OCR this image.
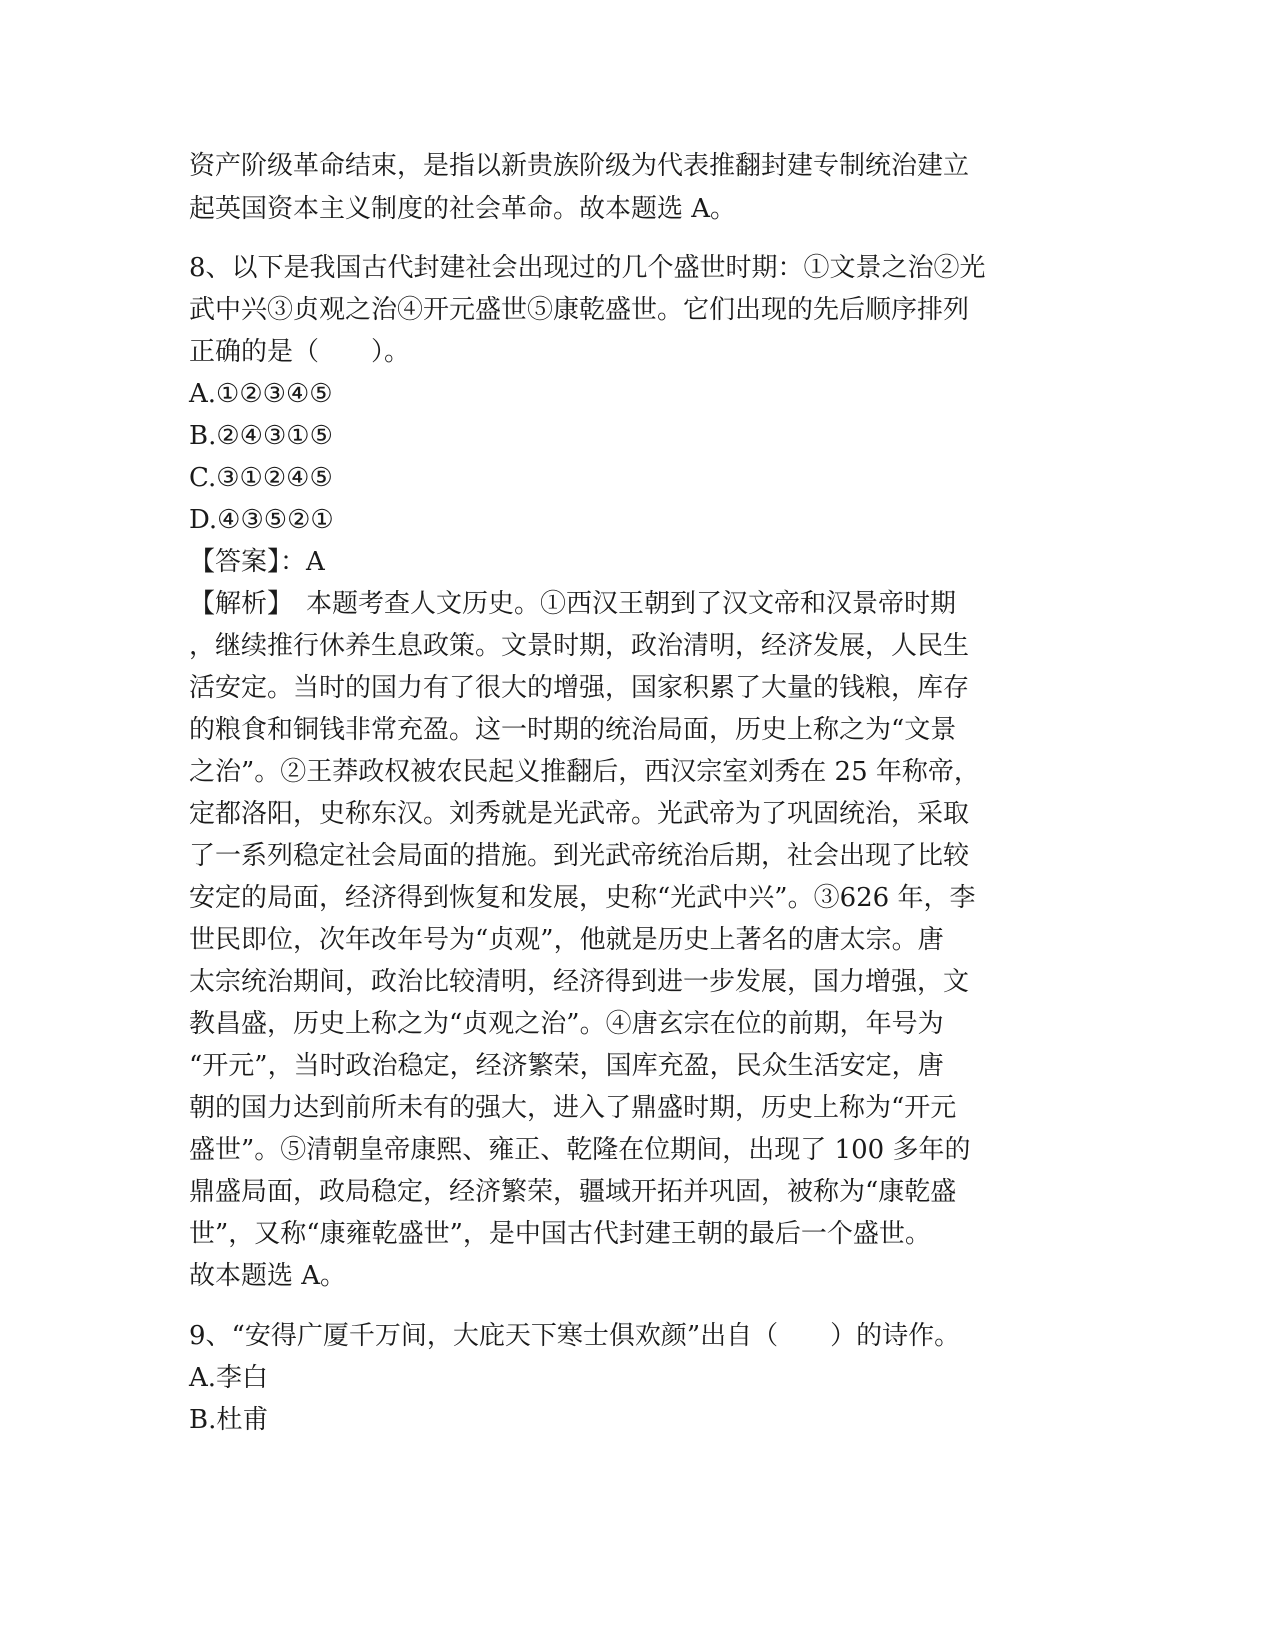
资产阶级革命结束，是指以新贵族阶级为代表推翻封建专制统治建立
起英国资本主义制度的社会革命。故本题选 A。
8、以下是我国古代封建社会出现过的几个盛世时期：①文景之治②光
武中兴③贞观之治④开元盛世⑤康乾盛世。它们出现的先后顺序排列
正确的是（　　）。
A.①②③④⑤
B.②④③①⑤
C.③①②④⑤
D.④③⑤②①
【答案】：A
【解析】　本题考查人文历史。①西汉王朝到了汉文帝和汉景帝时期
，继续推行休养生息政策。文景时期，政治清明，经济发展，人民生
活安定。当时的国力有了很大的增强，国家积累了大量的钱粮，库存
的粮食和铜钱非常充盈。这一时期的统治局面，历史上称之为“文景
之治”。②王莽政权被农民起义推翻后，西汉宗室刘秀在 25 年称帝，
定都洛阳，史称东汉。刘秀就是光武帝。光武帝为了巩固统治，采取
了一系列稳定社会局面的措施。到光武帝统治后期，社会出现了比较
安定的局面，经济得到恢复和发展，史称“光武中兴”。③626 年，李
世民即位，次年改年号为“贞观”，他就是历史上著名的唐太宗。唐
太宗统治期间，政治比较清明，经济得到进一步发展，国力增强，文
教昌盛，历史上称之为“贞观之治”。④唐玄宗在位的前期，年号为
“开元”，当时政治稳定，经济繁荣，国库充盈，民众生活安定，唐
朝的国力达到前所未有的强大，进入了鼎盛时期，历史上称为“开元
盛世”。⑤清朝皇帝康熙、雍正、乾隆在位期间，出现了 100 多年的
鼎盛局面，政局稳定，经济繁荣，疆域开拓并巩固，被称为“康乾盛
世”，又称“康雍乾盛世”，是中国古代封建王朝的最后一个盛世。
故本题选 A。
9、“安得广厦千万间，大庇天下寒士俱欢颜”出自（　　）的诗作。
A.李白
B.杜甫
